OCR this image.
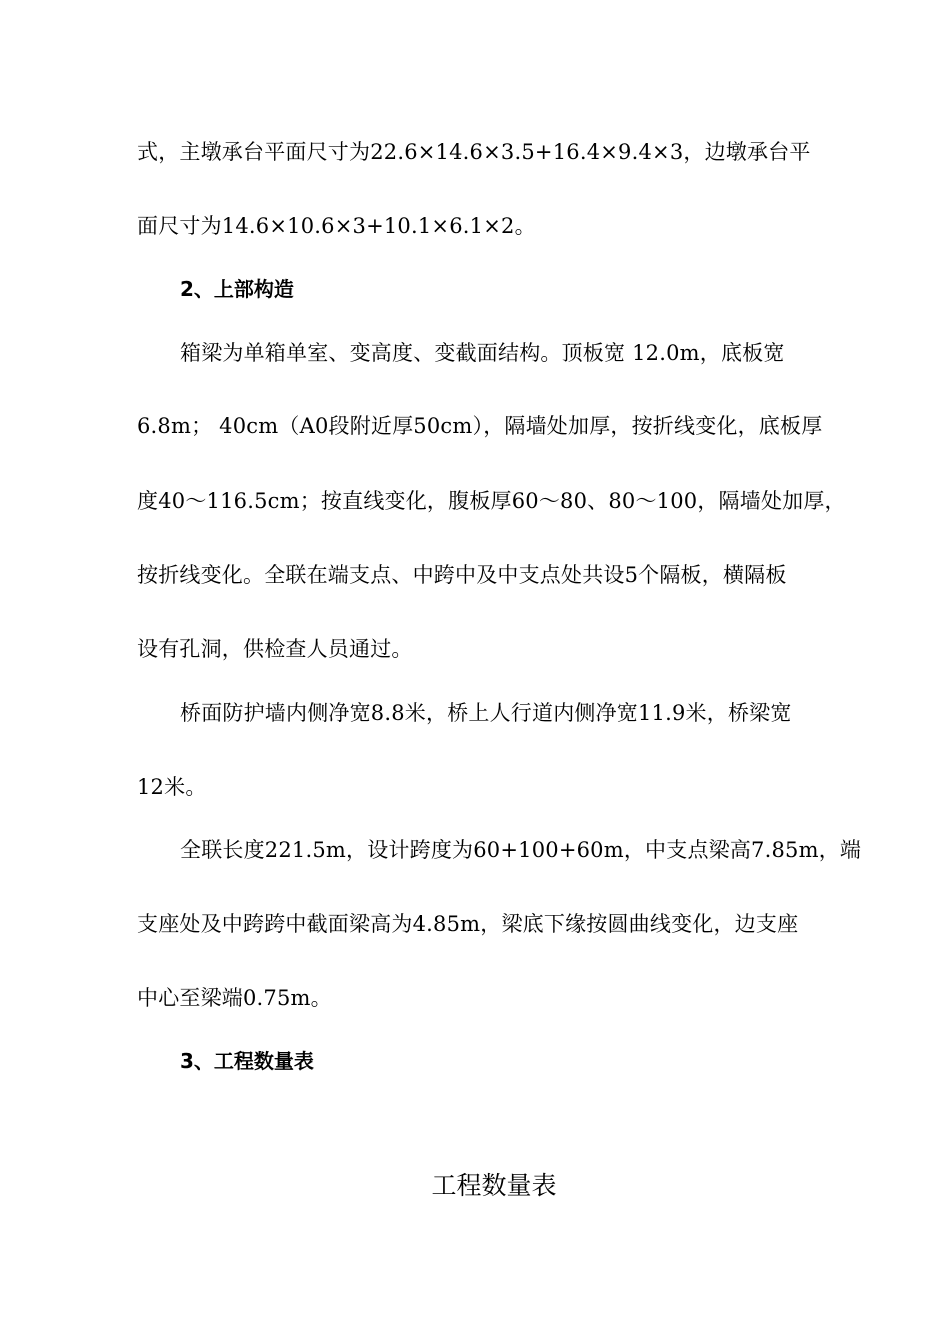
式，主墩承台平面尺寸为22.6×14.6×3.5+16.4×9.4×3，边墩承台平
面尺寸为14.6×10.6×3+10.1×6.1×2。
2、上部构造
箱梁为单箱单室、变高度、变截面结构。顶板宽 12.0m，底板宽
6.8m； 40cm（A0段附近厚50cm），隔墙处加厚，按折线变化，底板厚
度40～116.5cm；按直线变化，腹板厚60～80、80～100，隔墙处加厚，
按折线变化。全联在端支点、中跨中及中支点处共设5个隔板，横隔板
设有孔洞，供检查人员通过。
桥面防护墙内侧净宽8.8米，桥上人行道内侧净宽11.9米，桥梁宽
12米。
全联长度221.5m，设计跨度为60+100+60m，中支点梁高7.85m，端
支座处及中跨跨中截面梁高为4.85m，梁底下缘按圆曲线变化，边支座
中心至梁端0.75m。
3、工程数量表
工程数量表
